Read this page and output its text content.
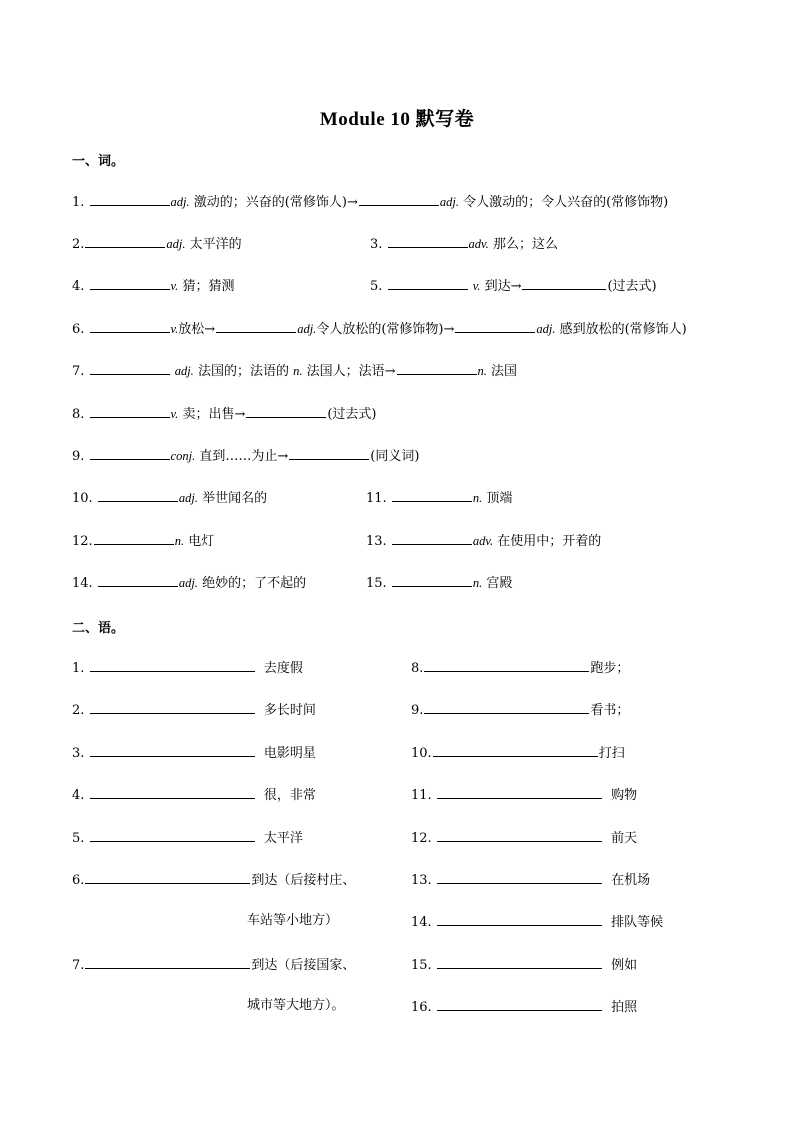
Module 10 默写卷
一、词。
1.	adj. 激动的；兴奋的(常修饰人)→	adj. 令人激动的；令人兴奋的(常修饰物)
2.	adj. 太平洋的	3.	adv. 那么；这么
4.	v. 猜；猜测	5.	v. 到达→	(过去式)
6.	v.放松→	adj.令人放松的(常修饰物)→	adj. 感到放松的(常修饰人)
7.	adj. 法国的；法语的 n. 法国人；法语→	n. 法国
8.	v. 卖；出售→	(过去式)
9.	conj. 直到……为止→	(同义词)
10.	adj. 举世闻名的	11.	n. 顶端
12.	n. 电灯	13.	adv. 在使用中；开着的
14.	adj. 绝妙的；了不起的	15.	n. 宫殿
二、语。
1.	去度假
2.	多长时间
3.	电影明星
4.	很，非常
5.	太平洋
6.	到达（后接村庄、
车站等小地方）
7.	到达（后接国家、
城市等大地方）。
8.	跑步；
9.	看书；
10.	打扫
11.	购物
12.	前天
13.	在机场
14.	排队等候
15.	例如
16.	拍照
